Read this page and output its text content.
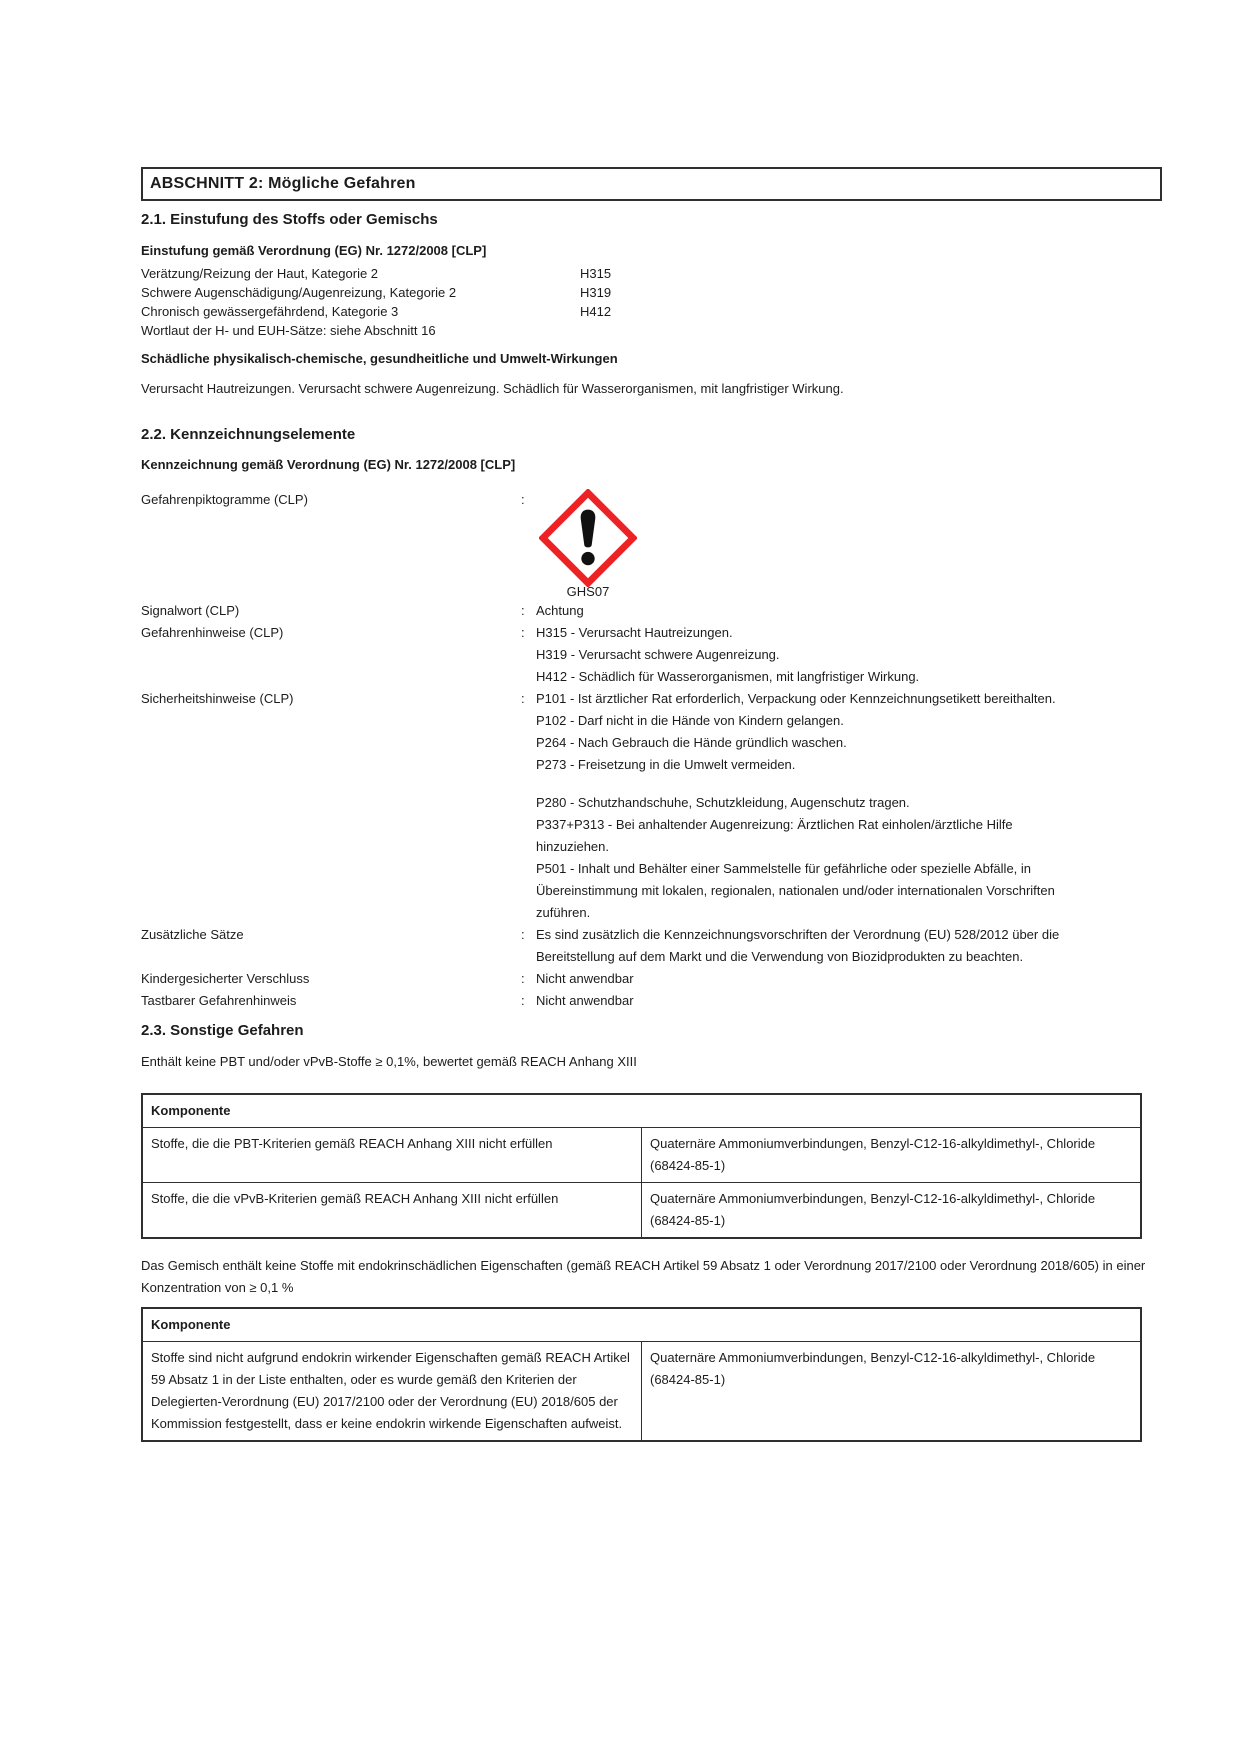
ABSCHNITT 2: Mögliche Gefahren
2.1. Einstufung des Stoffs oder Gemischs
Einstufung gemäß Verordnung (EG) Nr. 1272/2008 [CLP]
Verätzung/Reizung der Haut, Kategorie 2	H315
Schwere Augenschädigung/Augenreizung, Kategorie 2	H319
Chronisch gewässergefährdend, Kategorie 3	H412
Wortlaut der H- und EUH-Sätze: siehe Abschnitt 16
Schädliche physikalisch-chemische, gesundheitliche und Umwelt-Wirkungen
Verursacht Hautreizungen. Verursacht schwere Augenreizung. Schädlich für Wasserorganismen, mit langfristiger Wirkung.
2.2. Kennzeichnungselemente
Kennzeichnung gemäß Verordnung (EG) Nr. 1272/2008 [CLP]
Gefahrenpiktogramme (CLP)	:
GHS07
Signalwort (CLP)	: Achtung
Gefahrenhinweise (CLP)	: H315 - Verursacht Hautreizungen.
H319 - Verursacht schwere Augenreizung.
H412 - Schädlich für Wasserorganismen, mit langfristiger Wirkung.
Sicherheitshinweise (CLP)	: P101 - Ist ärztlicher Rat erforderlich, Verpackung oder Kennzeichnungsetikett bereithalten.
P102 - Darf nicht in die Hände von Kindern gelangen.
P264 - Nach Gebrauch die Hände gründlich waschen.
P273 - Freisetzung in die Umwelt vermeiden.
P280 - Schutzhandschuhe, Schutzkleidung, Augenschutz tragen.
P337+P313 - Bei anhaltender Augenreizung: Ärztlichen Rat einholen/ärztliche Hilfe
hinzuziehen.
P501 - Inhalt und Behälter einer Sammelstelle für gefährliche oder spezielle Abfälle, in
Übereinstimmung mit lokalen, regionalen, nationalen und/oder internationalen Vorschriften
zuführen.
Zusätzliche Sätze	: Es sind zusätzlich die Kennzeichnungsvorschriften der Verordnung (EU) 528/2012 über die
Bereitstellung auf dem Markt und die Verwendung von Biozidprodukten zu beachten.
Kindergesicherter Verschluss	: Nicht anwendbar
Tastbarer Gefahrenhinweis	: Nicht anwendbar
2.3. Sonstige Gefahren
Enthält keine PBT und/oder vPvB-Stoffe ≥ 0,1%, bewertet gemäß REACH Anhang XIII
Komponente	
Stoffe, die die PBT-Kriterien gemäß REACH Anhang XIII nicht erfüllen	Quaternäre Ammoniumverbindungen, Benzyl-C12-16-alkyldimethyl-, Chloride (68424-85-1)
Stoffe, die die vPvB-Kriterien gemäß REACH Anhang XIII nicht erfüllen	Quaternäre Ammoniumverbindungen, Benzyl-C12-16-alkyldimethyl-, Chloride (68424-85-1)
Das Gemisch enthält keine Stoffe mit endokrinschädlichen Eigenschaften (gemäß REACH Artikel 59 Absatz 1 oder Verordnung 2017/2100 oder Verordnung 2018/605) in einer Konzentration von ≥ 0,1 %
Komponente
Stoffe sind nicht aufgrund endokrin wirkender Eigenschaften gemäß REACH Artikel 59 Absatz 1 in der Liste enthalten, oder es wurde gemäß den Kriterien der Delegierten-Verordnung (EU) 2017/2100 oder der Verordnung (EU) 2018/605 der Kommission festgestellt, dass er keine endokrin wirkende Eigenschaften aufweist.	Quaternäre Ammoniumverbindungen, Benzyl-C12-16-alkyldimethyl-, Chloride (68424-85-1)
